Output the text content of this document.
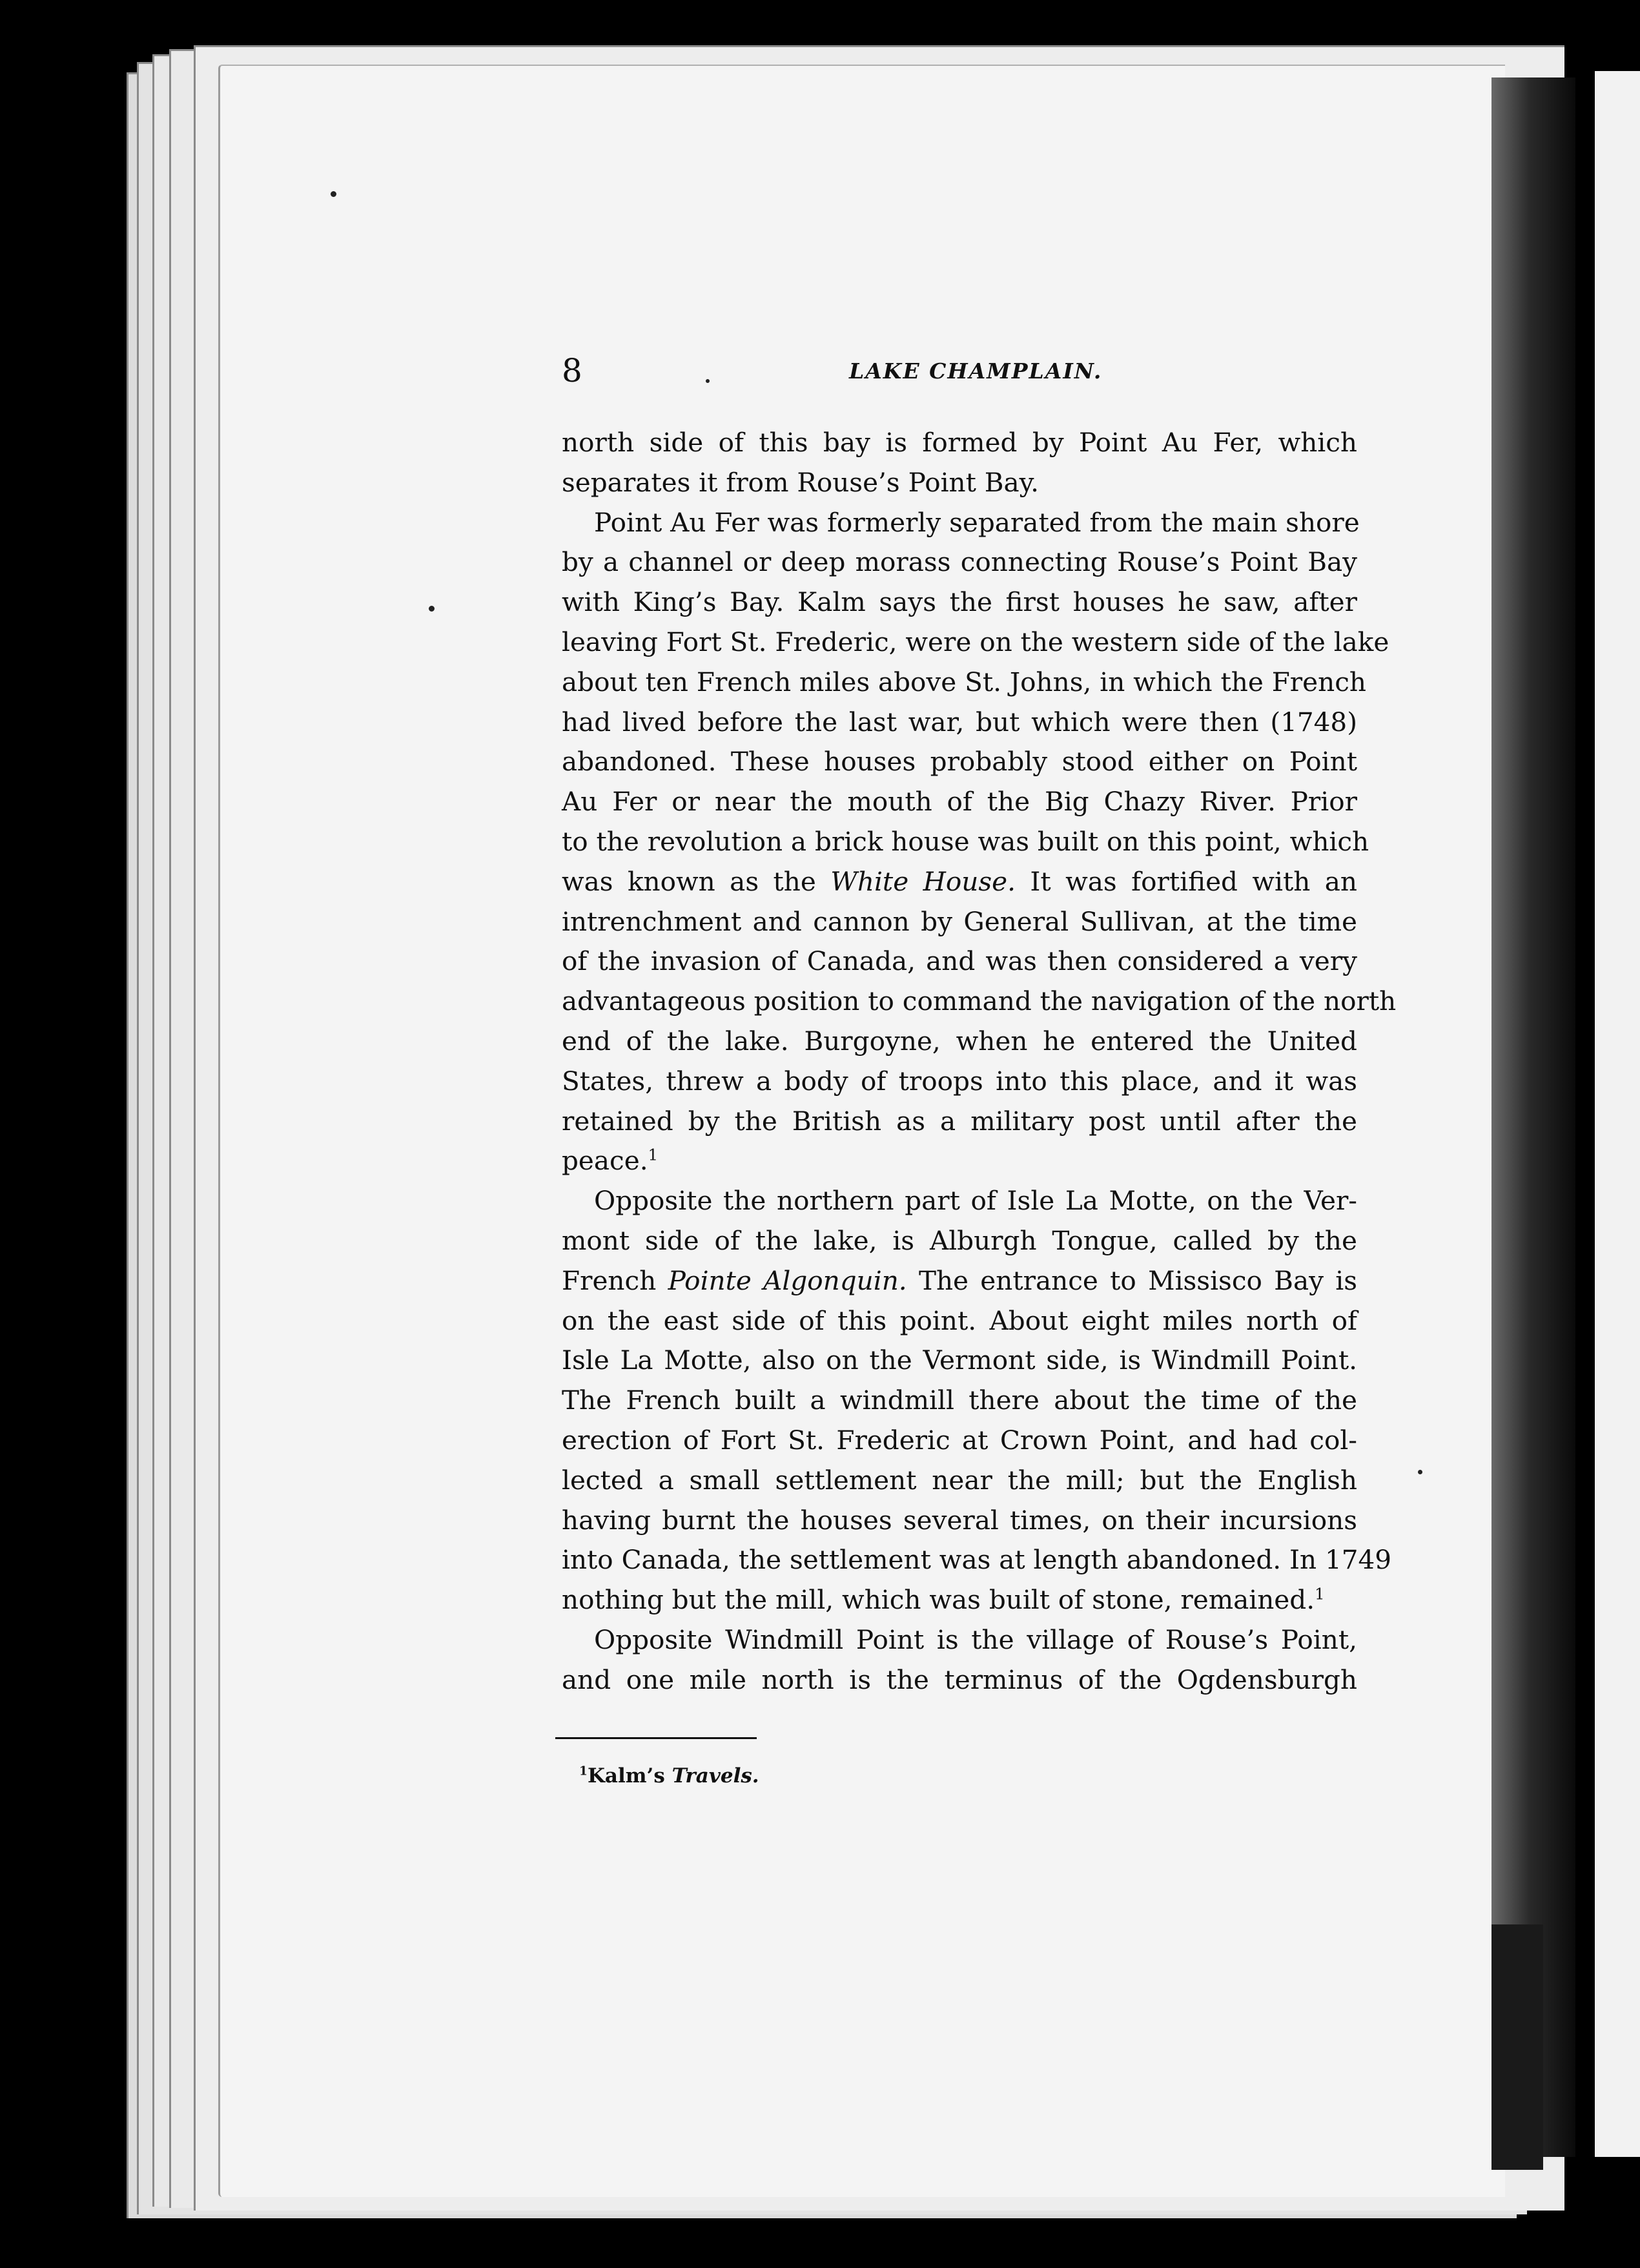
8	LAKE CHAMPLAIN.
north side of this bay is formed by Point Au Fer, which
separates it from Rouse’s Point Bay.
Point Au Fer was formerly separated from the main shore
by a channel or deep morass connecting Rouse’s Point Bay
with King’s Bay. Kalm says the first houses he saw, after
leaving Fort St. Frederic, were on the western side of the lake
about ten French miles above St. Johns, in which the French
had lived before the last war, but which were then (1748)
abandoned. These houses probably stood either on Point
Au Fer or near the mouth of the Big Chazy River. Prior
to the revolution a brick house was built on this point, which
was known as the White House. It was fortified with an
intrenchment and cannon by General Sullivan, at the time
of the invasion of Canada, and was then considered a very
advantageous position to command the navigation of the north
end of the lake. Burgoyne, when he entered the United
States, threw a body of troops into this place, and it was
retained by the British as a military post until after the
peace.$^1$
Opposite the northern part of Isle La Motte, on the Ver-
mont side of the lake, is Alburgh Tongue, called by the
French Pointe Algonquin. The entrance to Missisco Bay is
on the east side of this point. About eight miles north of
Isle La Motte, also on the Vermont side, is Windmill Point.
The French built a windmill there about the time of the
erection of Fort St. Frederic at Crown Point, and had col-
lected a small settlement near the mill; but the English
having burnt the houses several times, on their incursions
into Canada, the settlement was at length abandoned. In 1749
nothing but the mill, which was built of stone, remained.$^1$
Opposite Windmill Point is the village of Rouse’s Point,
and one mile north is the terminus of the Ogdensburgh
$^1$Kalm’s Travels.
